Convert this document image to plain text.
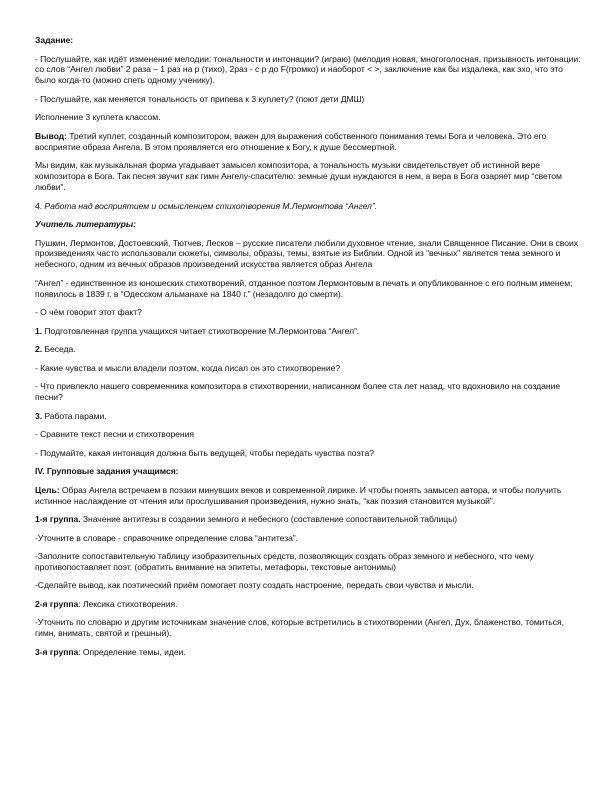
Задание:

- Послушайте, как идёт изменение мелодии: тональности и интонации? (играю) (мелодия новая, многоголосная, призывность интонации: со слов “Ангел любви” 2 раза – 1 раз на р (тихо), 2раз - с р до F(громко) и наоборот < >, заключение как бы издалека, как эхо, что это было когда-то (можно спеть одному ученику).

- Послушайте, как меняется тональность от припева к 3 куплету? (поют дети ДМШ)

Исполнение 3 куплета классом.

Вывод: Третий куплет, созданный композитором, важен для выражения собственного понимания темы Бога и человека. Это его восприятие образа Ангела. В этом проявляется его отношение к Богу, к душе бессмертной.

Мы видим, как музыкальная форма угадывает замысел композитора, а тональность музыки свидетельствует об истинной вере композитора в Бога. Так песня звучит как гимн Ангелу-спасителю: земные души нуждаются в нем, а вера в Бога озаряет мир “светом любви”.

4. Работа над восприятием и осмыслением стихотворения М.Лермонтова “Ангел”.

Учитель литературы:

Пушкин, Лермонтов, Достоевский, Тютчев, Лесков – русские писатели любили духовное чтение, знали Священное Писание. Они в своих произведениях часто использовали сюжеты, символы, образы, темы, взятые из Библии. Одной из “вечных” является тема земного и небесного, одним из вечных образов произведений искусства является образ Ангела

“Ангел” - единственное из юношеских стихотворений, отданное поэтом Лермонтовым в печать и опубликованное с его полным именем; появилось в 1839 г. в “Одесском альманахе на 1840 г.” (незадолго до смерти).

- О чём говорит этот факт?

1. Подготовленная группа учащихся читает стихотворение М.Лермонтова “Ангел”.

2. Беседа.

- Какие чувства и мысли владели поэтом, когда писал он это стихотворение?

- Что привлекло нашего современника композитора в стихотворении, написанном более ста лет назад, что вдохновило на создание песни?

3. Работа парами.

- Сравните текст песни и стихотворения

- Подумайте, какая интонация должна быть ведущей, чтобы передать чувства поэта?

IV. Групповые задания учащимся:

Цель: Образ Ангела встречаем в поэзии минувших веков и современной лирике. И чтобы понять замысел автора, и чтобы получить истинное наслаждение от чтения или прослушивания произведения, нужно знать, “как поэзия становится музыкой”.

1-я группа. Значение антитезы в создании земного и небесного (составление сопоставительной таблицы)

-Уточните в словаре - справочнике определение слова “антитеза”.

-Заполните сопоставительную таблицу изобразительных средств, позволяющих создать образ земного и небесного, что чему противопоставляет поэт. (обратить внимание на эпитеты, метафоры, текстовые антонимы)

-Сделайте вывод, как поэтический приём помогает поэту создать настроение, передать свои чувства и мысли.

2-я группа: Лексика стихотворения.

-Уточнить по словарю и другим источникам значение слов, которые встретились в стихотворении (Ангел, Дух, блаженство, томиться, гимн, внимать, святой и грешный).

3-я группа: Определение темы, идеи.
